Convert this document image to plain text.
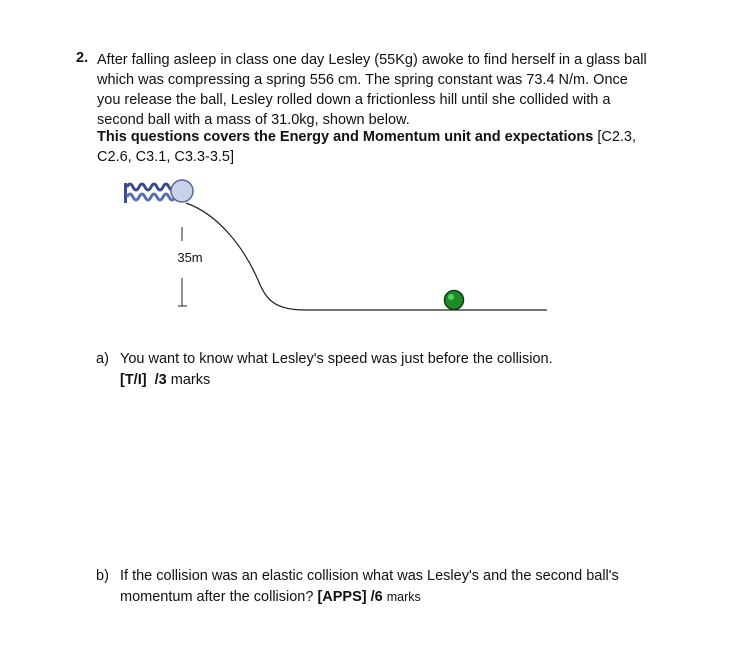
2. After falling asleep in class one day Lesley (55Kg) awoke to find herself in a glass ball
which was compressing a spring 556 cm. The spring constant was 73.4 N/m. Once
you release the ball, Lesley rolled down a frictionless hill until she collided with a
second ball with a mass of 31.0kg, shown below.
This questions covers the Energy and Momentum unit and expectations [C2.3,
C2.6, C3.1, C3.3-3.5]
35m
a) You want to know what Lesley's speed was just before the collision.
[T/I] /3 marks
b) If the collision was an elastic collision what was Lesley's and the second ball's
momentum after the collision? [APPS] /6 marks
